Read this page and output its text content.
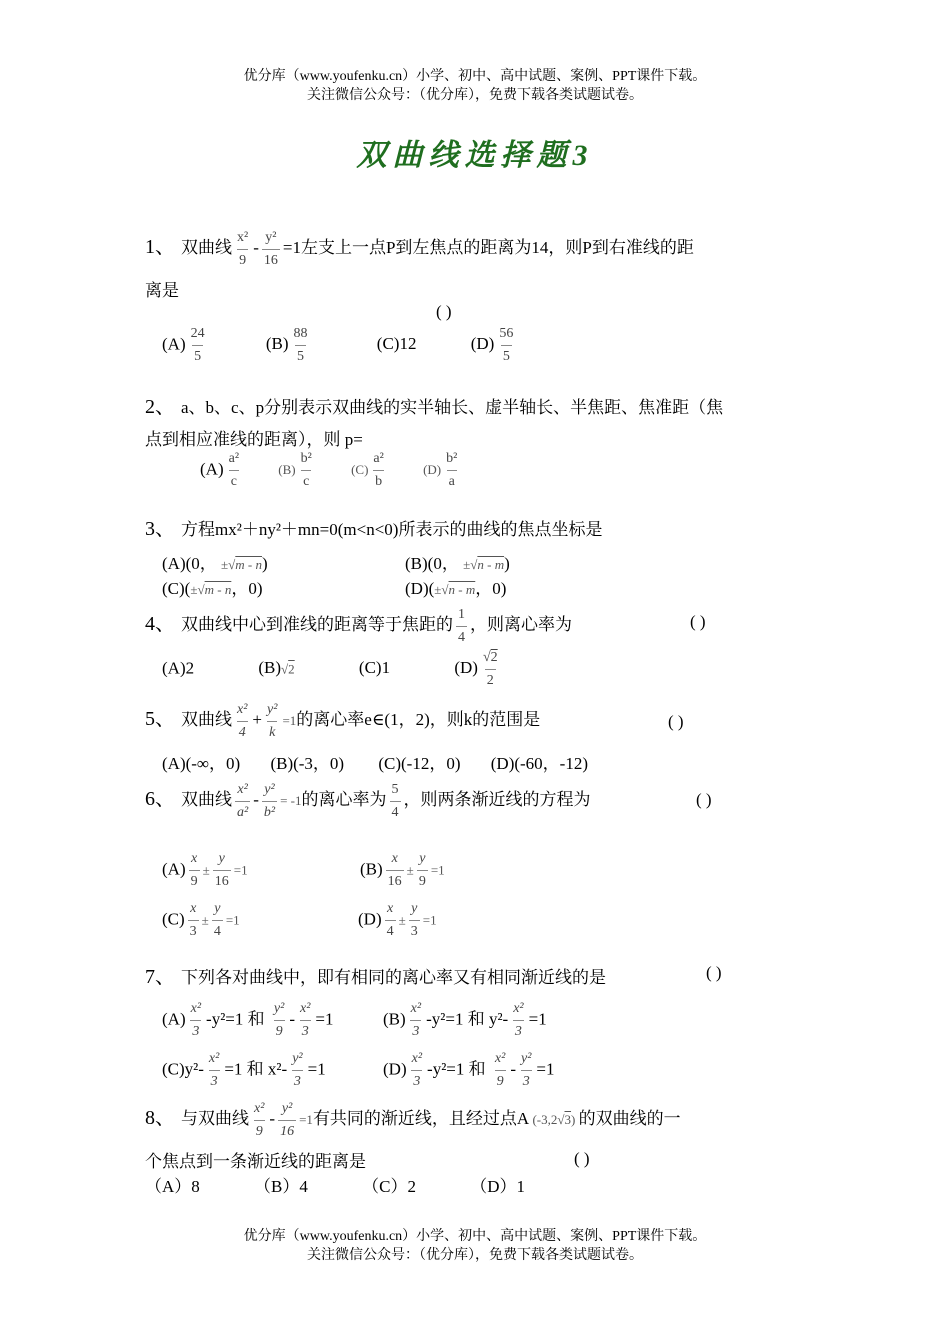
优分库（www.youfenku.cn）小学、初中、高中试题、案例、PPT课件下载。
关注微信公众号：（优分库），免费下载各类试题试卷。
双曲线选择题3
1、 双曲线 $\frac{\text{x²}}{9} - \frac{\text{y²}}{16} =1$左支上一点P到左焦点的距离为14，则P到右准线的距
离是
( )
$(A) \frac{24}{5}$	$(B) \frac{88}{5}$	(C)12	$(D) \frac{56}{5}$
2、 a、b、c、p分别表示双曲线的实半轴长、虚半轴长、半焦距、焦准距（焦
点到相应准线的距离），则 p=
$(A) \frac{\text{a²}}{c}$	$(B) \frac{\text{b²}}{c}$	$(C) \frac{\text{a²}}{b}$	$(D) \frac{\text{b²}}{a}$
3、 方程mx²＋ny²＋mn=0(m<n<0)所表示的曲线的焦点坐标是
(A)(0， ±√m - n)	(B)(0， ±√n - m)
(C)(±√m - n，0)	(D)(±√n - m，0)
4、 双曲线中心到准线的距离等于焦距的 $\frac{1}{4}$ ，则离心率为	( )
(A)2	(B)√2	(C)1	$(D) \frac{√2}{2}$
5、 双曲线 $\frac{\text{x²}}{4} + \frac{\text{y²}}{k} =1$的离心率e∈(1，2)，则k的范围是	( )
(A)(-∞，0) (B)(-3，0) (C)(-12，0) (D)(-60，-12)
6、 双曲线 $\frac{\text{x²}}{\text{a²}} - \frac{\text{y²}}{\text{b²}} = -1$的离心率为 $\frac{5}{4}$ ，则两条渐近线的方程为	( )
$(A) \frac{x}{9} \pm \frac{y}{16} =1$	$(B) \frac{x}{16} \pm \frac{y}{9} =1$
$(C) \frac{x}{3} \pm \frac{y}{4} =1$	$(D) \frac{x}{4} \pm \frac{y}{3} =1$
7、 下列各对曲线中，即有相同的离心率又有相同渐近线的是	( )
$(A) \frac{\text{x²}}{3} -y^2=1$ 和 $\frac{\text{y²}}{9} - \frac{\text{x²}}{3} =1$	$(B) \frac{\text{x²}}{3} -y^2=1$ 和 $y^2- \frac{\text{x²}}{3} =1$
$(C)y^2- \frac{\text{x²}}{3} =1$ 和 $x^2- \frac{\text{y²}}{3} =1$	$(D) \frac{\text{x²}}{3} -y^2=1$ 和 $\frac{\text{x²}}{9} - \frac{\text{y²}}{3} =1$
8、 与双曲线 $\frac{\text{x²}}{9} - \frac{\text{y²}}{16} =1$有共同的渐近线，且经过点A (-3,2√3) 的双曲线的一
个焦点到一条渐近线的距离是	( )
（A）8	（B）4	（C）2	（D）1
优分库（www.youfenku.cn）小学、初中、高中试题、案例、PPT课件下载。
关注微信公众号：（优分库），免费下载各类试题试卷。
